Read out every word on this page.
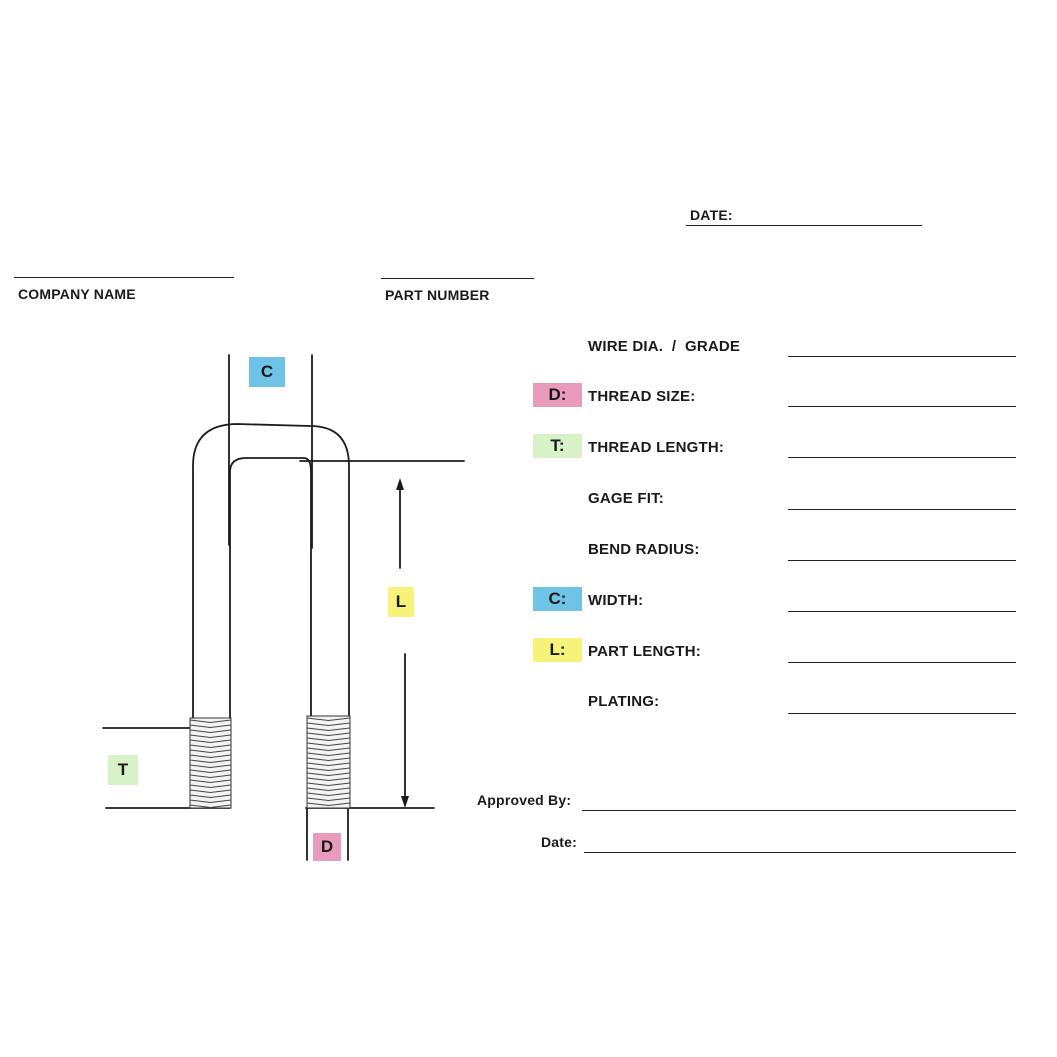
DATE:
COMPANY NAME	PART NUMBER
D:
T:
C:
L:
WIRE DIA.  /  GRADE
THREAD SIZE:
THREAD LENGTH:
GAGE FIT:
BEND RADIUS:
WIDTH:
PART LENGTH:
PLATING:
Approved By:
Date:
C
L
T
D
